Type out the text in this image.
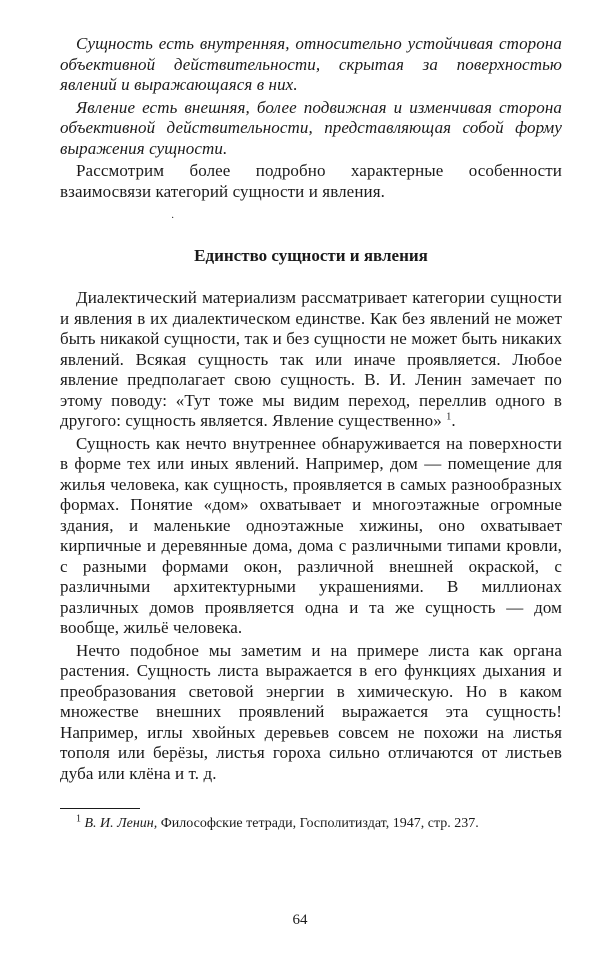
Сущность есть внутренняя, относительно устойчивая сторона объективной действительности, скрытая за поверхностью явлений и выражающаяся в них.

Явление есть внешняя, более подвижная и изменчивая сторона объективной действительности, представляющая собой форму выражения сущности.

Рассмотрим более подробно характерные особенности взаимосвязи категорий сущности и явления.

Единство сущности и явления

Диалектический материализм рассматривает категории сущности и явления в их диалектическом единстве. Как без явлений не может быть никакой сущности, так и без сущности не может быть никаких явлений. Всякая сущность так или иначе проявляется. Любое явление предполагает свою сущность. В. И. Ленин замечает по этому поводу: «Тут тоже мы видим переход, переллив одного в другого: сущность является. Явление существенно» $^1$.

Сущность как нечто внутреннее обнаруживается на поверхности в форме тех или иных явлений. Например, дом — помещение для жилья человека, как сущность, проявляется в самых разнообразных формах. Понятие «дом» охватывает и многоэтажные огромные здания, и маленькие одноэтажные хижины, оно охватывает кирпичные и деревянные дома, дома с различными типами кровли, с разными формами окон, различной внешней окраской, с различными архитектурными украшениями. В миллионах различных домов проявляется одна и та же сущность — дом вообще, жильё человека.

Нечто подобное мы заметим и на примере листа как органа растения. Сущность листа выражается в его функциях дыхания и преобразования световой энергии в химическую. Но в каком множестве внешних проявлений выражается эта сущность! Например, иглы хвойных деревьев совсем не похожи на листья тополя или берёзы, листья гороха сильно отличаются от листьев дуба или клёна и т. д.

$^1$ В. И. Ленин, Философские тетради, Госполитиздат, 1947, стр. 237.

·
64
